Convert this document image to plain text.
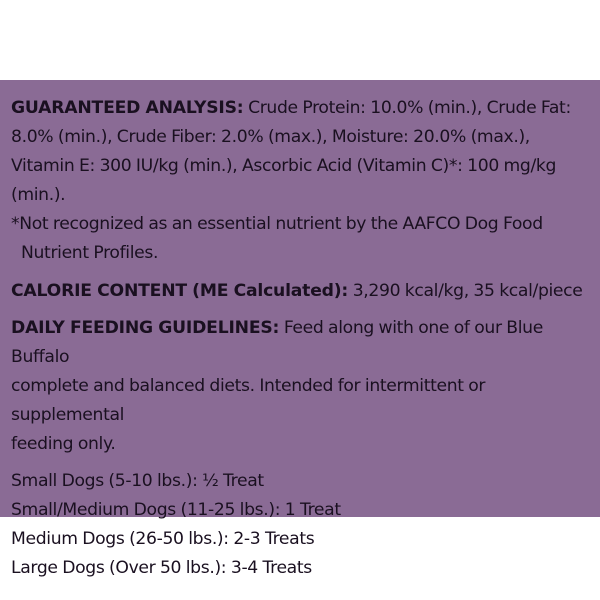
GUARANTEED ANALYSIS: Crude Protein: 10.0% (min.), Crude Fat:
8.0% (min.), Crude Fiber: 2.0% (max.), Moisture: 20.0% (max.),
Vitamin E: 300 IU/kg (min.), Ascorbic Acid (Vitamin C)*: 100 mg/kg (min.).
*Not recognized as an essential nutrient by the AAFCO Dog Food

Nutrient Profiles.

CALORIE CONTENT (ME Calculated): 3,290 kcal/kg, 35 kcal/piece

DAILY FEEDING GUIDELINES: Feed along with one of our Blue Buffalo
complete and balanced diets. Intended for intermittent or supplemental
feeding only.

Small Dogs (5-10 lbs.): ½ Treat
Small/Medium Dogs (11-25 lbs.): 1 Treat
Medium Dogs (26-50 lbs.): 2-3 Treats
Large Dogs (Over 50 lbs.): 3-4 Treats
